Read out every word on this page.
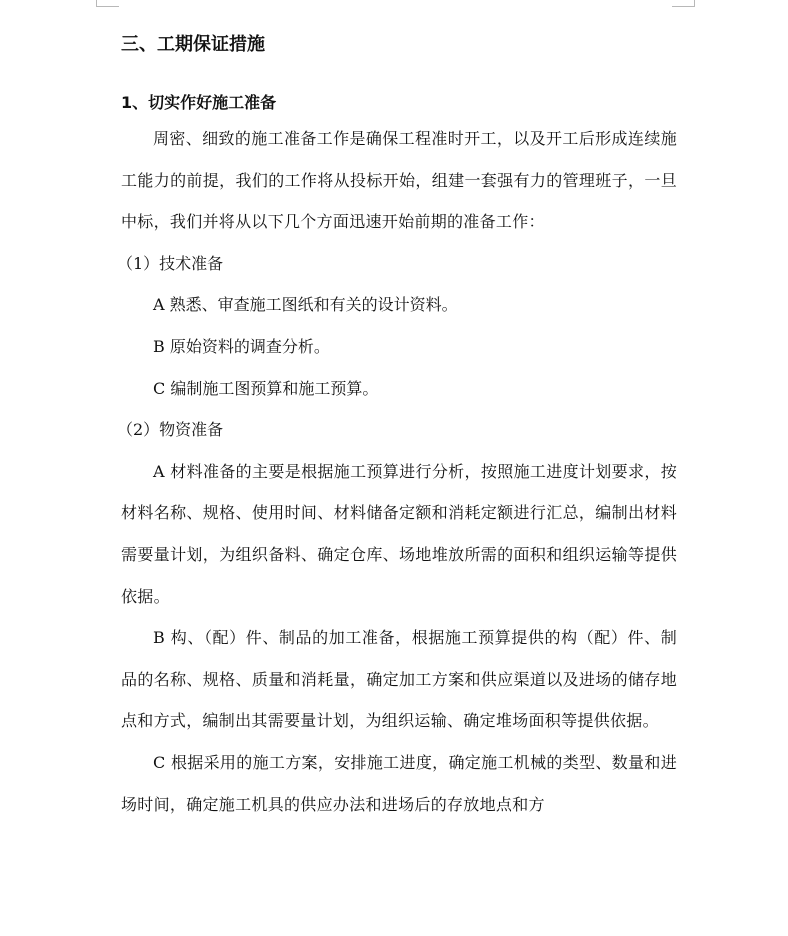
三、工期保证措施

1、切实作好施工准备

周密、细致的施工准备工作是确保工程准时开工，以及开工后形成连续施工能力的前提，我们的工作将从投标开始，组建一套强有力的管理班子，一旦中标，我们并将从以下几个方面迅速开始前期的准备工作：

（1）技术准备

A 熟悉、审查施工图纸和有关的设计资料。

B 原始资料的调查分析。

C 编制施工图预算和施工预算。

（2）物资准备

A 材料准备的主要是根据施工预算进行分析，按照施工进度计划要求，按材料名称、规格、使用时间、材料储备定额和消耗定额进行汇总，编制出材料需要量计划，为组织备料、确定仓库、场地堆放所需的面积和组织运输等提供依据。

B 构、（配）件、制品的加工准备，根据施工预算提供的构（配）件、制品的名称、规格、质量和消耗量，确定加工方案和供应渠道以及进场的储存地点和方式，编制出其需要量计划，为组织运输、确定堆场面积等提供依据。

C 根据采用的施工方案，安排施工进度，确定施工机械的类型、数量和进场时间，确定施工机具的供应办法和进场后的存放地点和方
